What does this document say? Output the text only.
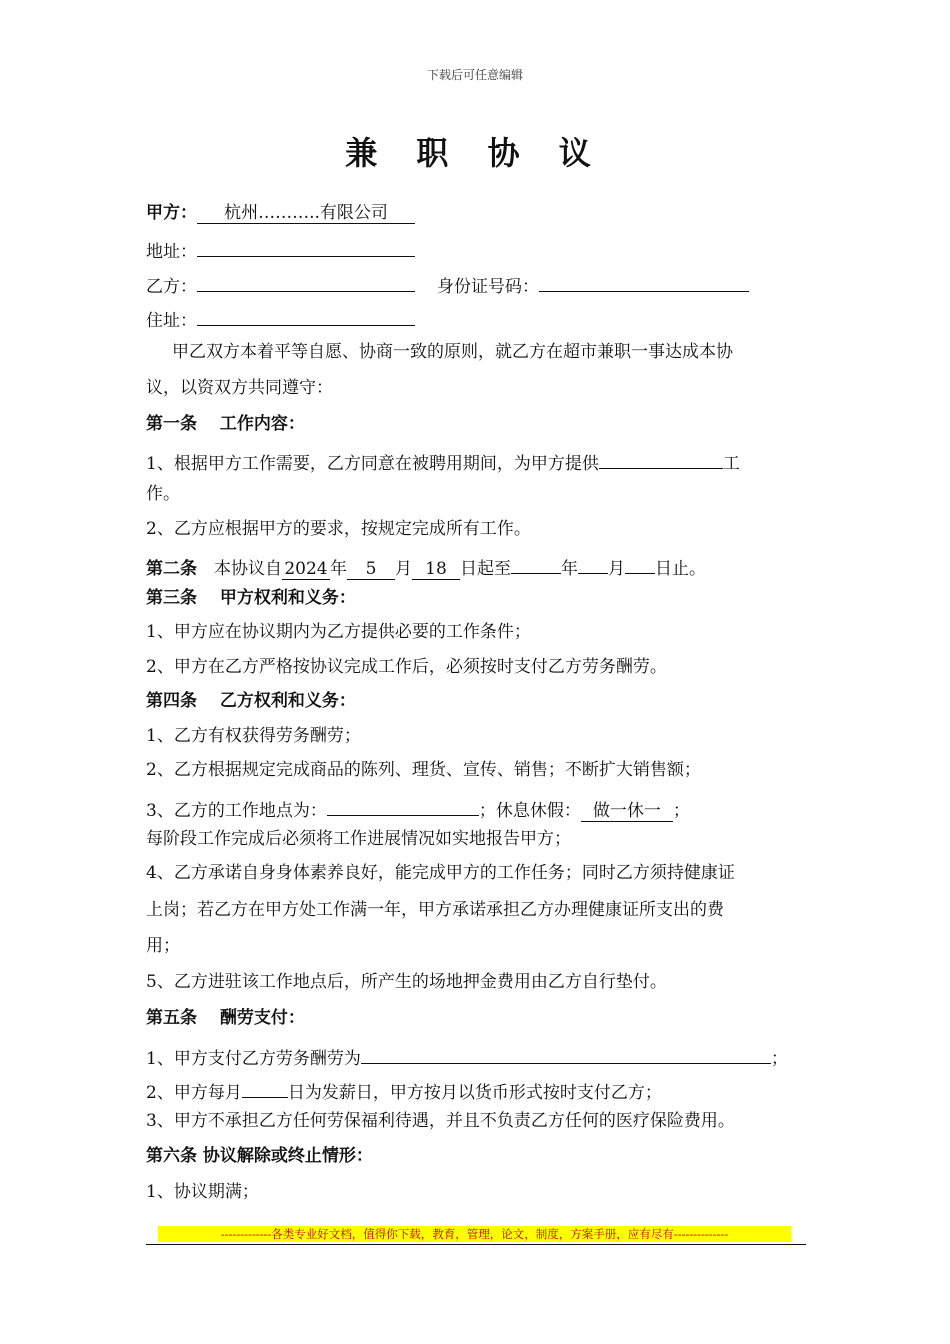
下载后可任意编辑
兼 职 协 议
甲方： 杭州………..有限公司
地址：
乙方：	身份证号码：
住址：
甲乙双方本着平等自愿、协商一致的原则，就乙方在超市兼职一事达成本协
议，以资双方共同遵守：
第一条　 工作内容：
1、根据甲方工作需要，乙方同意在被聘用期间，为甲方提供	工
作。
2、乙方应根据甲方的要求，按规定完成所有工作。
第二条　本协议自 2024 年 5 月 18 日起至	年 月 日止。
第三条　 甲方权利和义务：
1、甲方应在协议期内为乙方提供必要的工作条件；
2、甲方在乙方严格按协议完成工作后，必须按时支付乙方劳务酬劳。
第四条　 乙方权利和义务：
1、乙方有权获得劳务酬劳；
2、乙方根据规定完成商品的陈列、理货、宣传、销售；不断扩大销售额；
3、乙方的工作地点为：	；休息休假： 做一休一 ；
每阶段工作完成后必须将工作进展情况如实地报告甲方；
4、乙方承诺自身身体素养良好，能完成甲方的工作任务；同时乙方须持健康证
上岗；若乙方在甲方处工作满一年，甲方承诺承担乙方办理健康证所支出的费
用；
5、乙方进驻该工作地点后，所产生的场地押金费用由乙方自行垫付。
第五条　 酬劳支付：
1、甲方支付乙方劳务酬劳为	；
2、甲方每月	日为发薪日，甲方按月以货币形式按时支付乙方；
3、甲方不承担乙方任何劳保福利待遇，并且不负责乙方任何的医疗保险费用。
第六条 协议解除或终止情形：
1、协议期满；
-------------各类专业好文档，值得你下载，教育，管理，论文，制度，方案手册，应有尽有--------------
